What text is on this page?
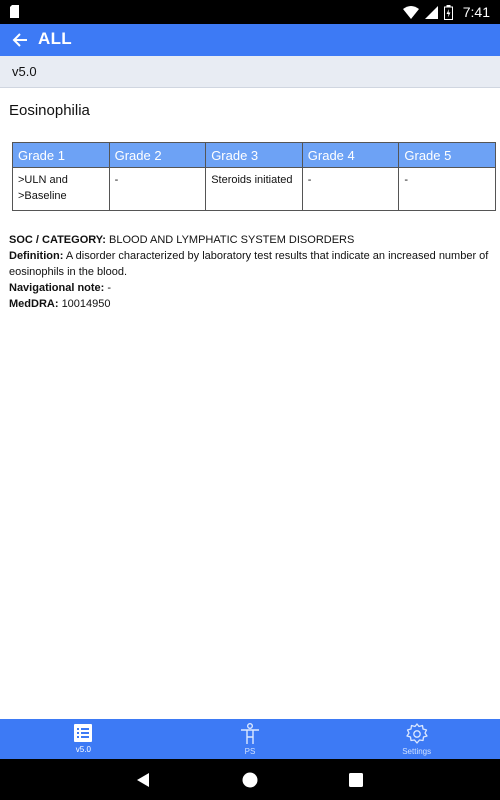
7:41
ALL
v5.0
Eosinophilia
Grade 1	Grade 2	Grade 3	Grade 4	Grade 5
>ULN and >Baseline	-	Steroids initiated	-	-
SOC / CATEGORY: BLOOD AND LYMPHATIC SYSTEM DISORDERS
Definition: A disorder characterized by laboratory test results that indicate an increased number of eosinophils in the blood.
Navigational note: -
MedDRA: 10014950
v5.0	PS	Settings
